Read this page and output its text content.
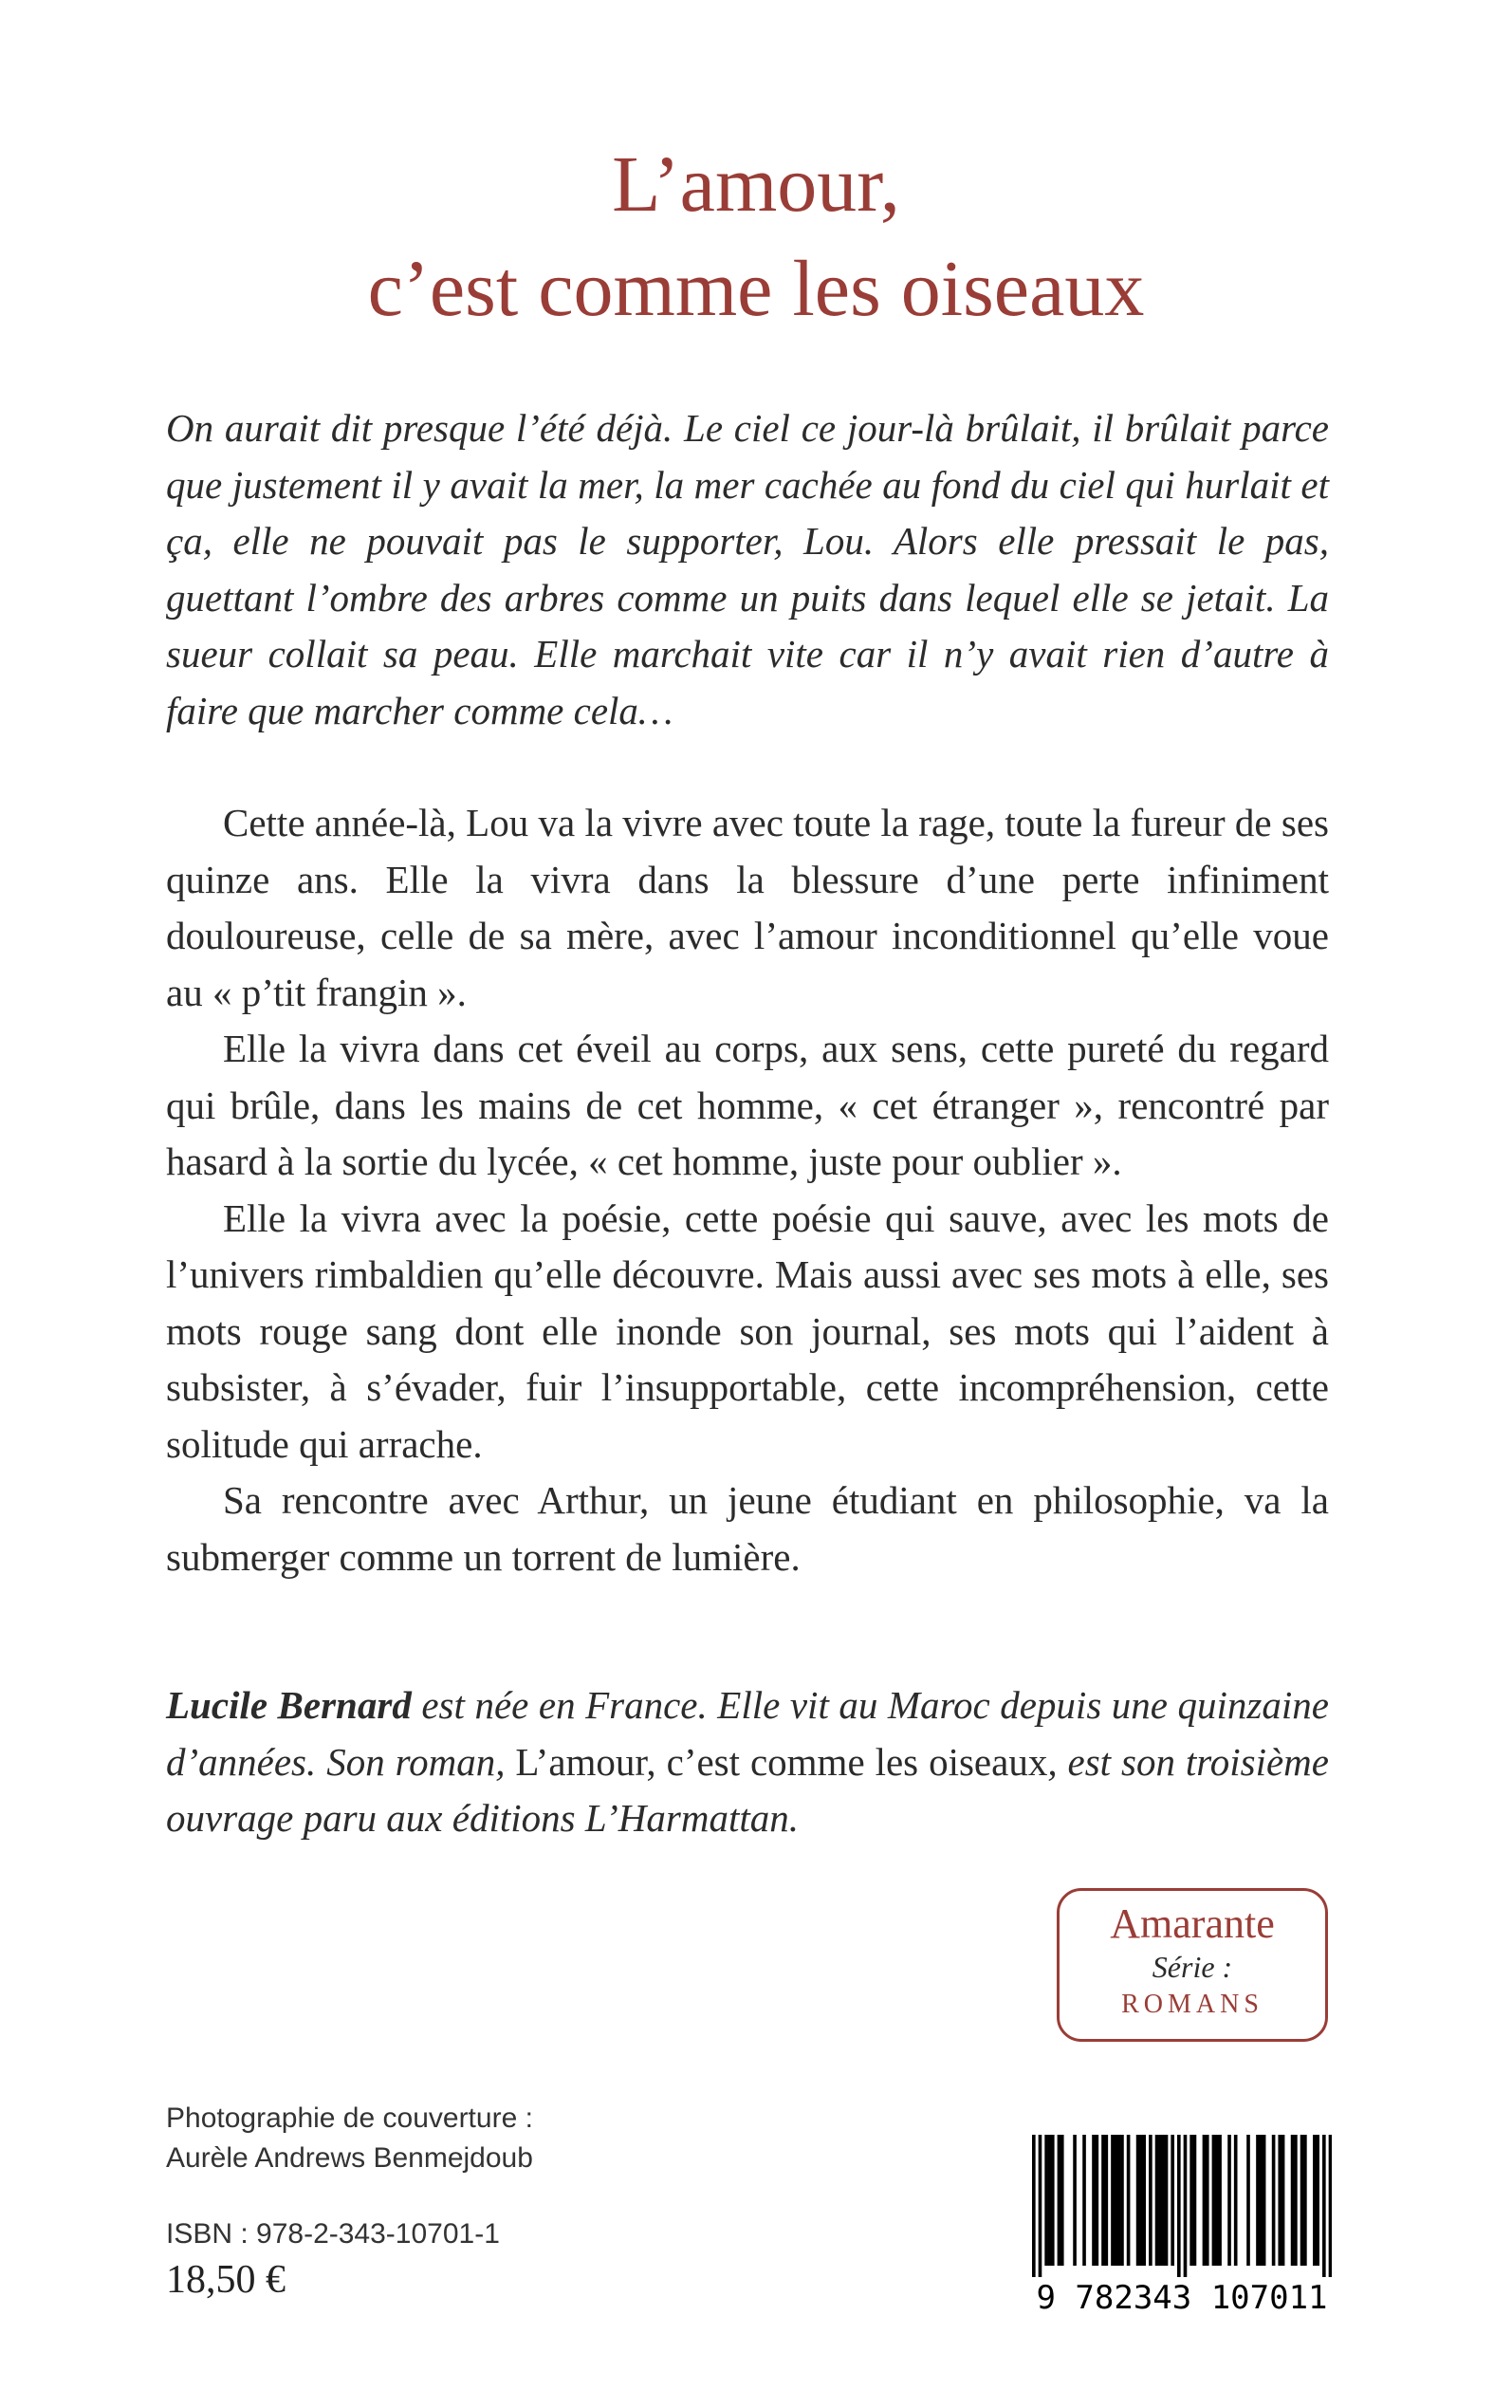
L’amour,
c’est comme les oiseaux
On aurait dit presque l’été déjà. Le ciel ce jour-là brûlait, il brûlait parce que justement il y avait la mer, la mer cachée au fond du ciel qui hurlait et ça, elle ne pouvait pas le supporter, Lou. Alors elle pressait le pas, guettant l’ombre des arbres comme un puits dans lequel elle se jetait. La sueur collait sa peau. Elle marchait vite car il n’y avait rien d’autre à faire que marcher comme cela…

Cette année-là, Lou va la vivre avec toute la rage, toute la fureur de ses quinze ans. Elle la vivra dans la blessure d’une perte infiniment douloureuse, celle de sa mère, avec l’amour inconditionnel qu’elle voue au « p’tit frangin ».

Elle la vivra dans cet éveil au corps, aux sens, cette pureté du regard qui brûle, dans les mains de cet homme, « cet étranger », rencontré par hasard à la sortie du lycée, « cet homme, juste pour oublier ».

Elle la vivra avec la poésie, cette poésie qui sauve, avec les mots de l’univers rimbaldien qu’elle découvre. Mais aussi avec ses mots à elle, ses mots rouge sang dont elle inonde son journal, ses mots qui l’aident à subsister, à s’évader, fuir l’insupportable, cette incompréhension, cette solitude qui arrache.

Sa rencontre avec Arthur, un jeune étudiant en philosophie, va la submerger comme un torrent de lumière.

Lucile Bernard est née en France. Elle vit au Maroc depuis une quinzaine d’années. Son roman, L’amour, c’est comme les oiseaux, est son troisième ouvrage paru aux éditions L’Harmattan.
Amarante
Série :
ROMANS
Photographie de couverture :
Aurèle Andrews Benmejdoub
ISBN : 978-2-343-10701-1
18,50 €	9 782343 107011
